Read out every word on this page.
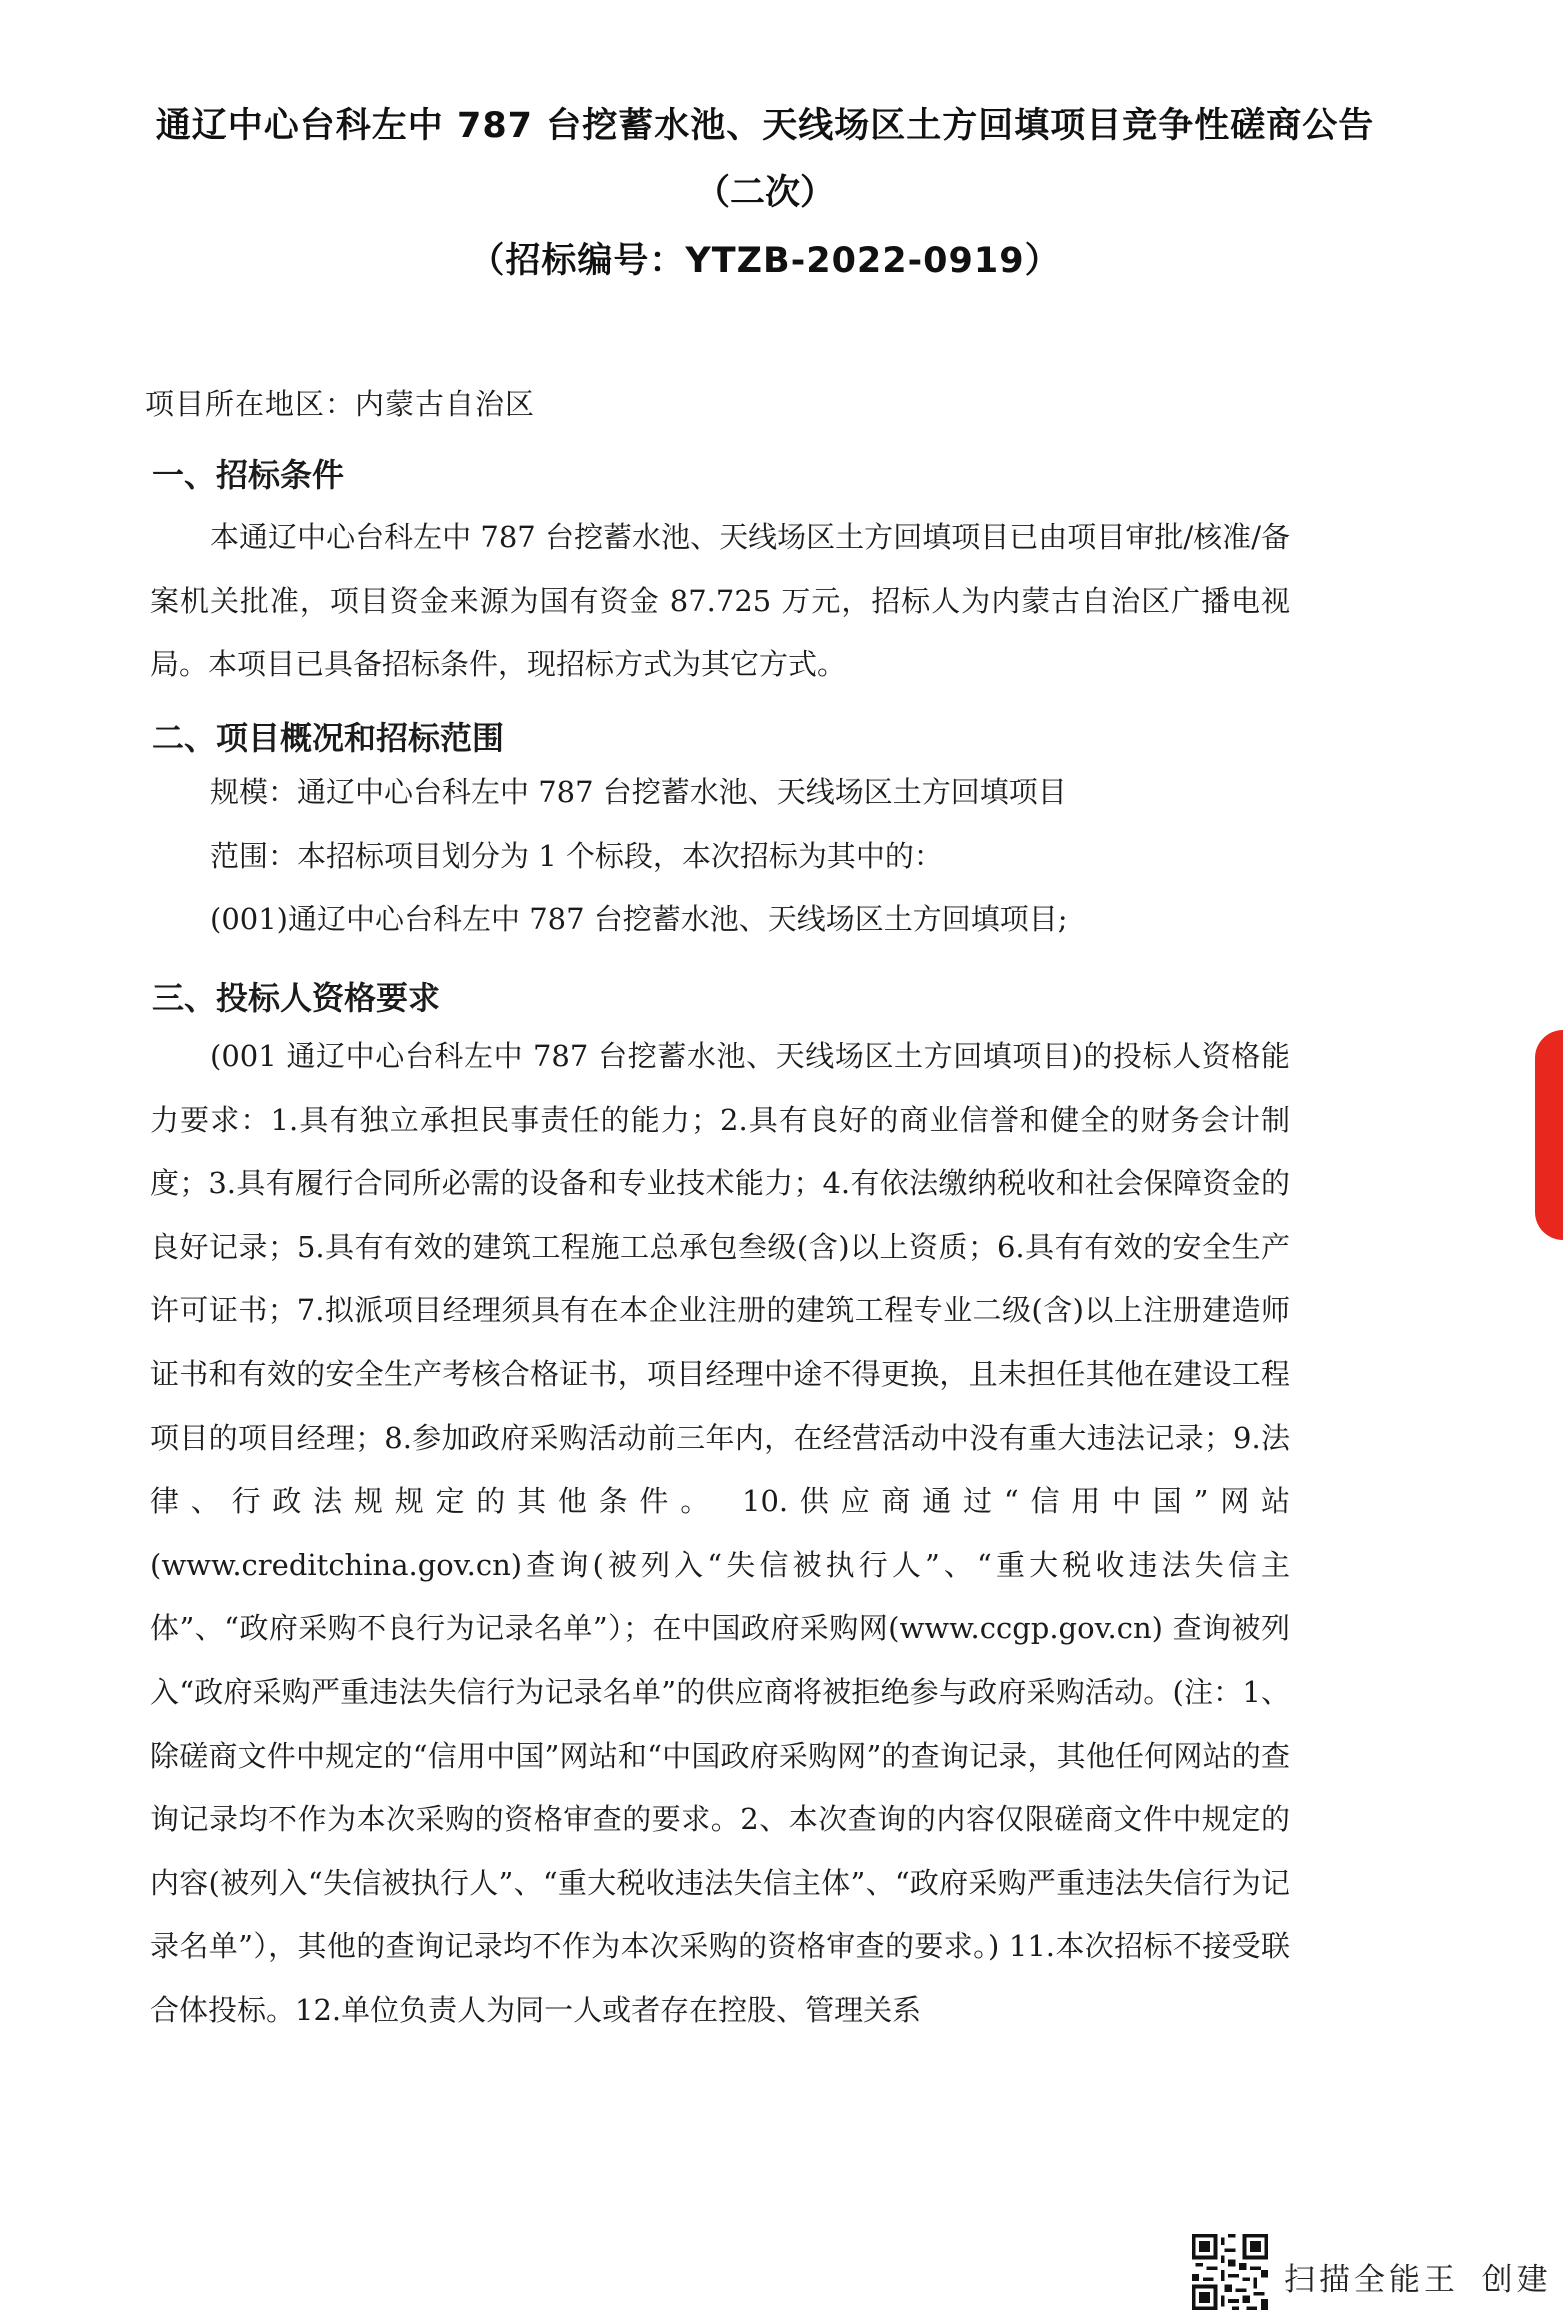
通辽中心台科左中 787 台挖蓄水池、天线场区土方回填项目竞争性磋商公告
（二次）
（招标编号：YTZB-2022-0919）
项目所在地区：内蒙古自治区
一、招标条件
本通辽中心台科左中 787 台挖蓄水池、天线场区土方回填项目已由项目审批/核准/备案机关批准，项目资金来源为国有资金 87.725 万元，招标人为内蒙古自治区广播电视局。本项目已具备招标条件，现招标方式为其它方式。
二、项目概况和招标范围
规模：通辽中心台科左中 787 台挖蓄水池、天线场区土方回填项目
范围：本招标项目划分为 1 个标段，本次招标为其中的：
(001)通辽中心台科左中 787 台挖蓄水池、天线场区土方回填项目;
三、投标人资格要求
(001 通辽中心台科左中 787 台挖蓄水池、天线场区土方回填项目)的投标人资格能力要求：1.具有独立承担民事责任的能力；2.具有良好的商业信誉和健全的财务会计制度；3.具有履行合同所必需的设备和专业技术能力；4.有依法缴纳税收和社会保障资金的良好记录；5.具有有效的建筑工程施工总承包叁级(含)以上资质；6.具有有效的安全生产许可证书；7.拟派项目经理须具有在本企业注册的建筑工程专业二级(含)以上注册建造师证书和有效的安全生产考核合格证书，项目经理中途不得更换，且未担任其他在建设工程项目的项目经理；8.参加政府采购活动前三年内，在经营活动中没有重大违法记录；9.法律、行政法规规定的其他条件。 10.供应商通过“信用中国”网站 (www.creditchina.gov.cn)查询(被列入“失信被执行人”、“重大税收违法失信主体”、“政府采购不良行为记录名单”）；在中国政府采购网(www.ccgp.gov.cn) 查询被列入“政府采购严重违法失信行为记录名单”的供应商将被拒绝参与政府采购活动。(注：1、除磋商文件中规定的“信用中国”网站和“中国政府采购网”的查询记录，其他任何网站的查询记录均不作为本次采购的资格审查的要求。2、本次查询的内容仅限磋商文件中规定的内容(被列入“失信被执行人”、“重大税收违法失信主体”、“政府采购严重违法失信行为记录名单”），其他的查询记录均不作为本次采购的资格审查的要求。) 11.本次招标不接受联合体投标。12.单位负责人为同一人或者存在控股、管理关系
扫描全能王 创建
